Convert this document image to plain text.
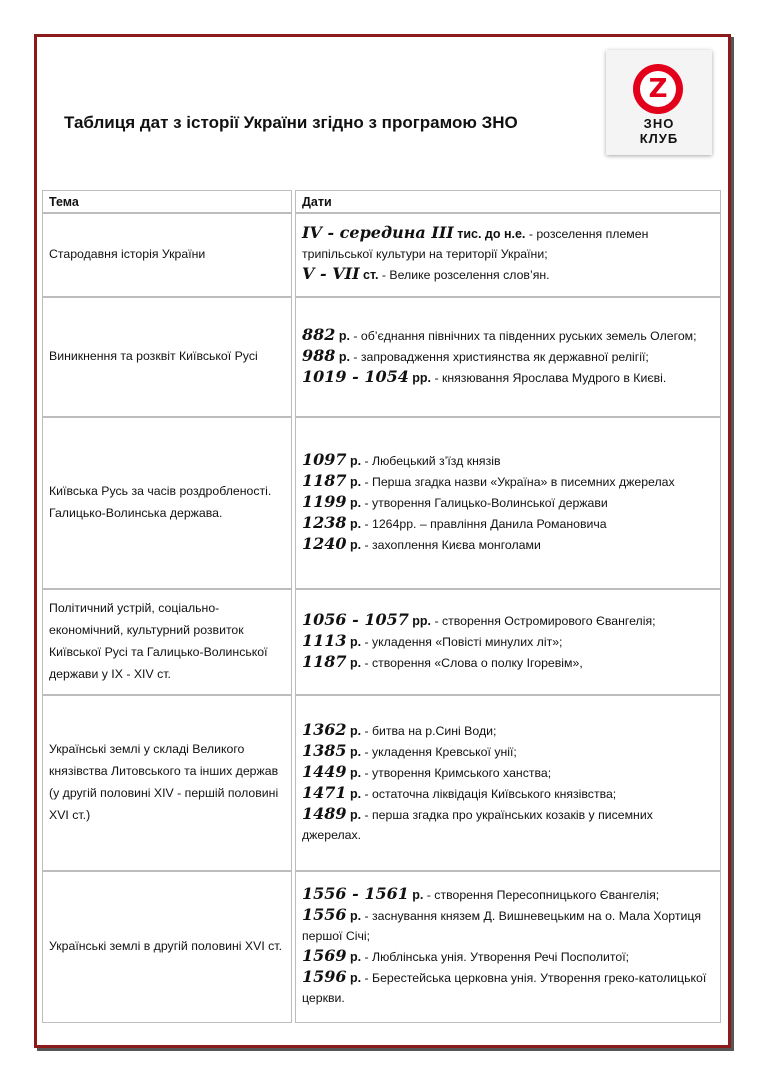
Таблиця дат з історії України згідно з програмою ЗНО
Z
ЗНО
КЛУБ
Тема	Дати
Стародавня історія України	IV - середина III тис. до н.е. - розселення племен трипільської культури на території України;
V - VII ст. - Велике розселення слов’ян.

Виникнення та розквіт Київської Русі	882 р. - об’єднання північних та південних руських земель Олегом;
988 р. - запровадження християнства як державної релігії;
1019 - 1054 рр. - князювання Ярослава Мудрого в Києві.

Київська Русь за часів роздробленості. Галицько-Волинська держава.	1097 р. - Любецький з’їзд князів
1187 р. - Перша згадка назви «Україна» в писемних джерелах
1199 р. - утворення Галицько-Волинської держави
1238 р. - 1264рр. – правління Данила Романовича
1240 р. - захоплення Києва монголами

Політичний устрій, соціально-економічний, культурний розвиток Київської Русі та Галицько-Волинської держави у IX - XIV ст.	1056 - 1057 рр. - створення Остромирового Євангелія;
1113 р. - укладення «Повісті минулих літ»;
1187 р. - створення «Слова о полку Ігоревім»,

Українські землі у складі Великого князівства Литовського та інших держав (у другій половині XIV - першій половині XVI ст.)	1362 р. - битва на р.Сині Води;
1385 р. - укладення Кревської унії;
1449 р. - утворення Кримського ханства;
1471 р. - остаточна ліквідація Київського князівства;
1489 р. - перша згадка про українських козаків у писемних джерелах.

Українські землі в другій половині XVI ст.	1556 - 1561 р. - створення Пересопницького Євангелія;
1556 р. - заснування князем Д. Вишневецьким на о. Мала Хортиця першої Січі;
1569 р. - Люблінська унія. Утворення Речі Посполитої;
1596 р. - Берестейська церковна унія. Утворення греко-католицької церкви.
